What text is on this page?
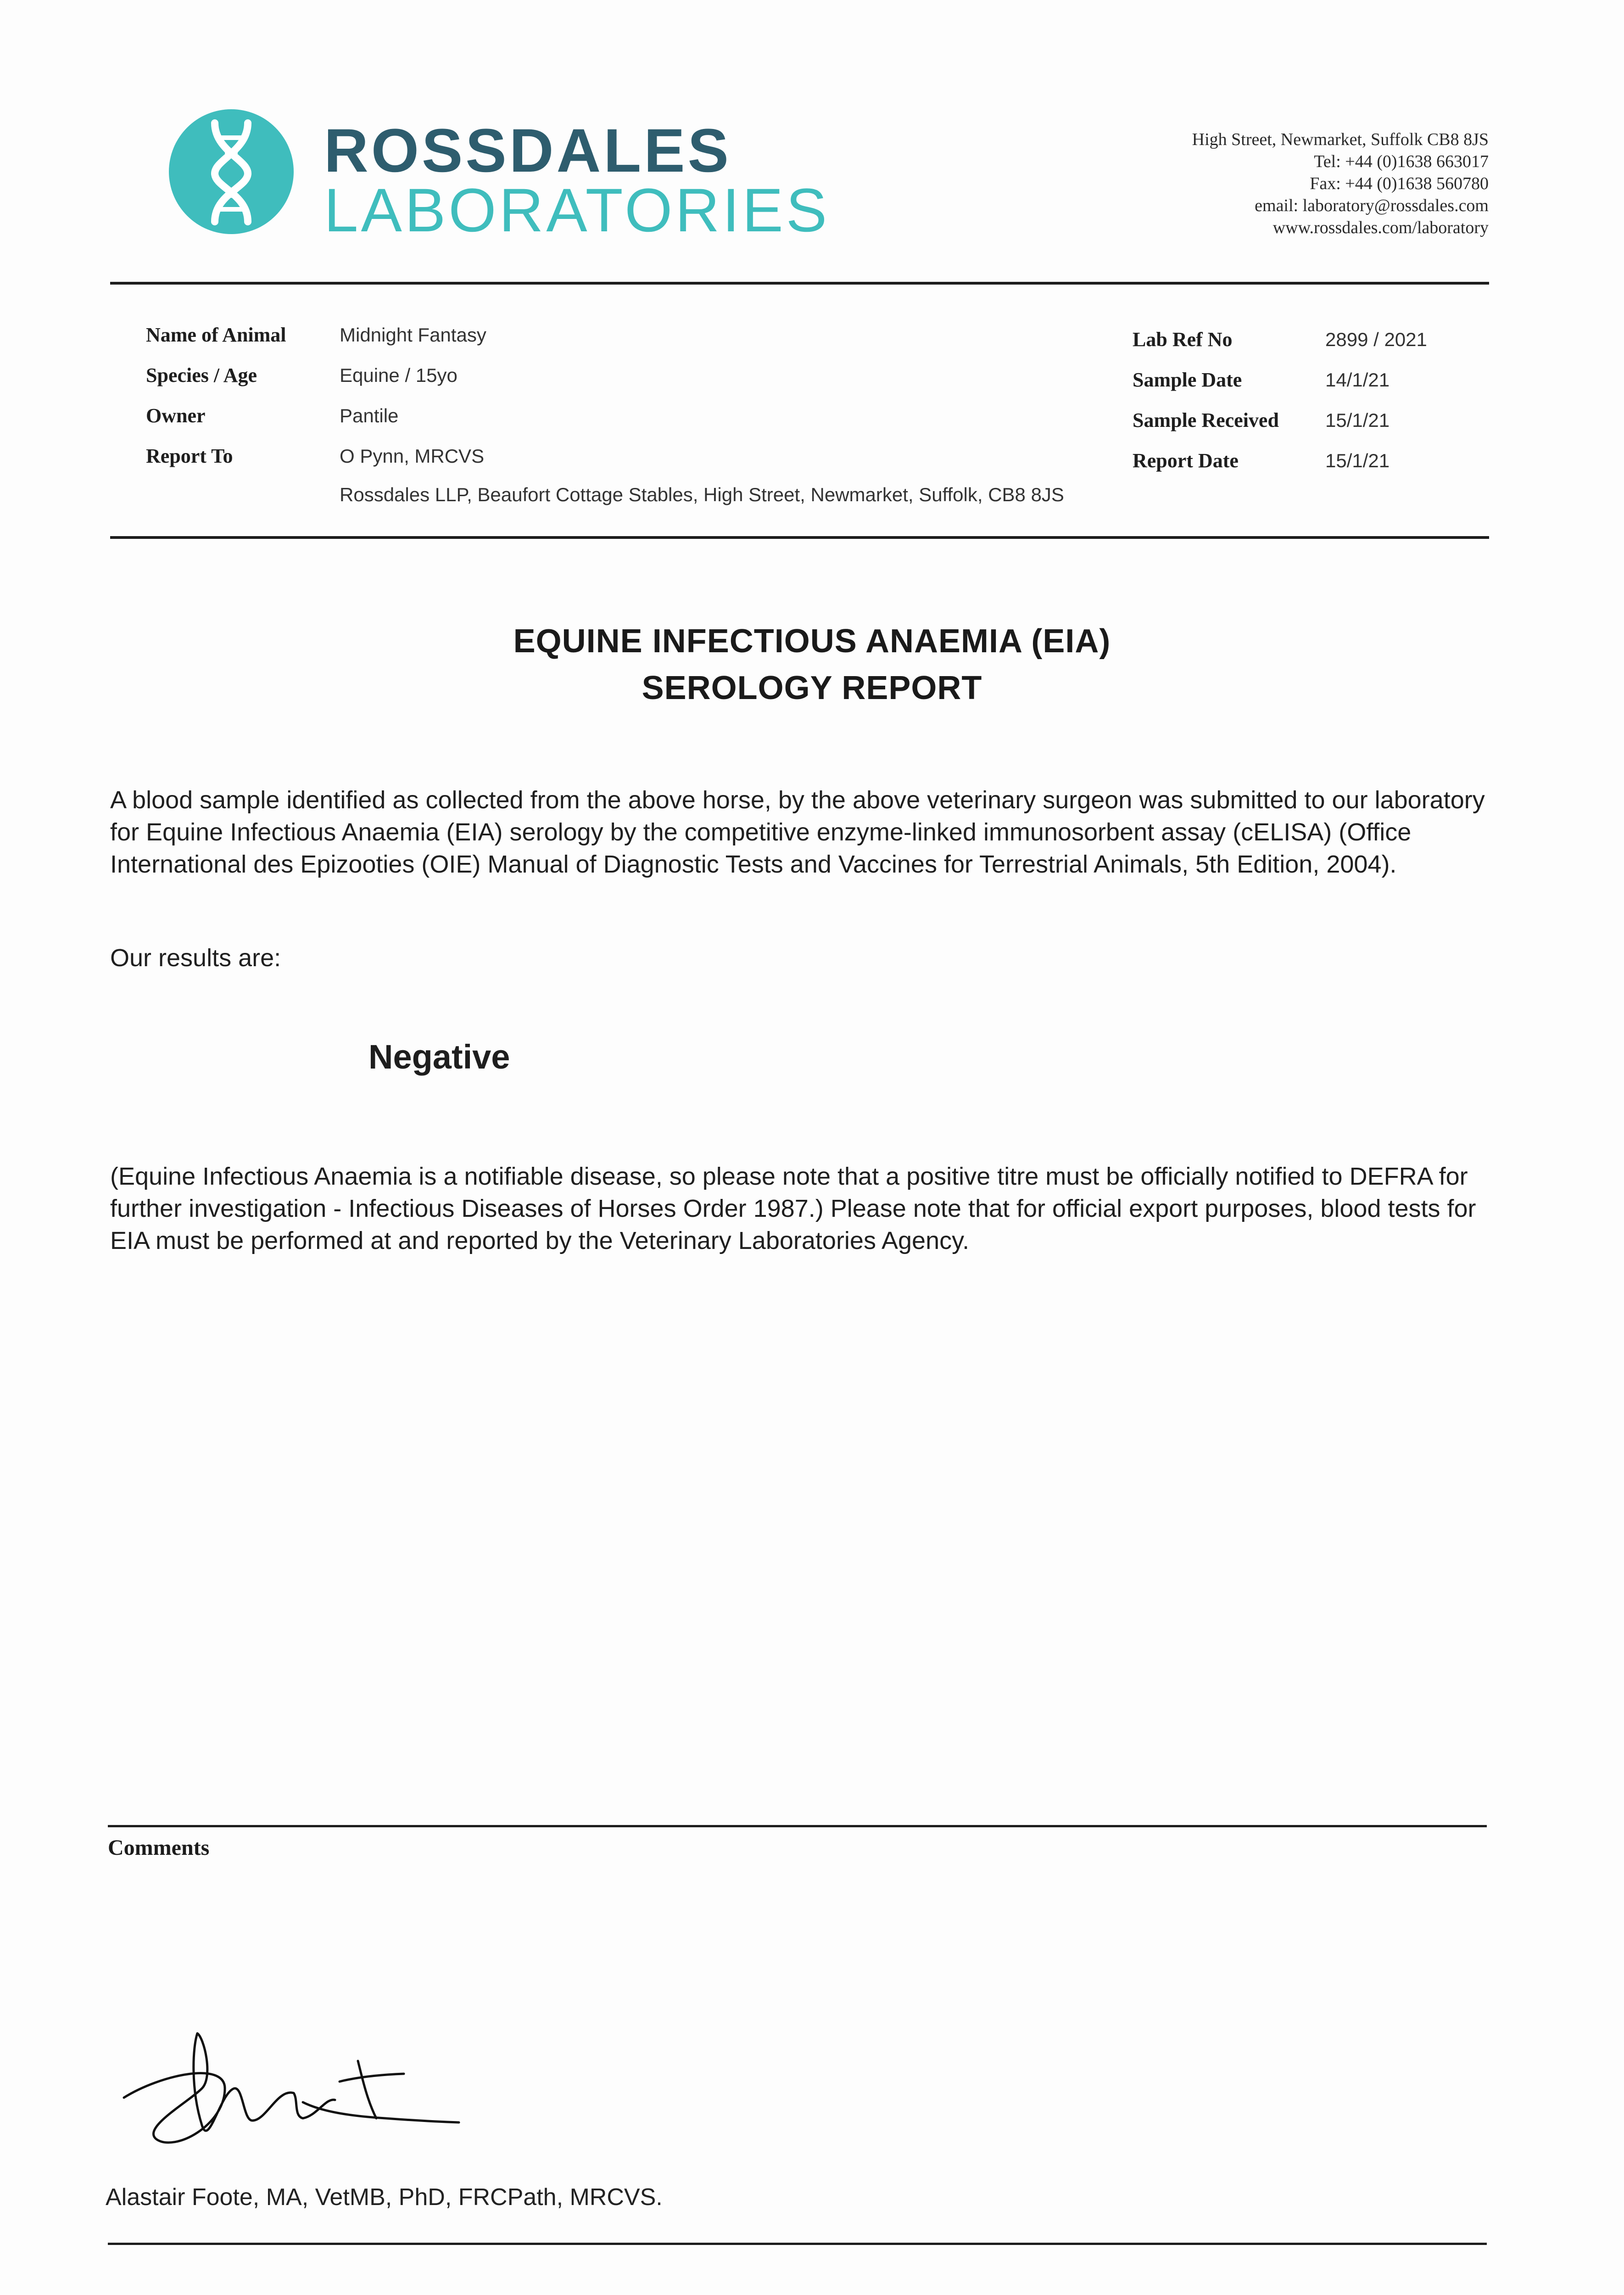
ROSSDALES
LABORATORIES
High Street, Newmarket, Suffolk CB8 8JS
Tel: +44 (0)1638 663017
Fax: +44 (0)1638 560780
email: laboratory@rossdales.com
www.rossdales.com/laboratory
Name of Animal	Midnight Fantasy
Species / Age	Equine / 15yo
Owner	Pantile
Report To	O Pynn, MRCVS
Rossdales LLP, Beaufort Cottage Stables, High Street, Newmarket, Suffolk, CB8 8JS
Lab Ref No	2899 / 2021
Sample Date	14/1/21
Sample Received 15/1/21
Report Date	15/1/21
EQUINE INFECTIOUS ANAEMIA (EIA)
SEROLOGY REPORT
A blood sample identified as collected from the above horse, by the above veterinary surgeon was submitted to our laboratory for Equine Infectious Anaemia (EIA) serology by the competitive enzyme-linked immunosorbent assay (cELISA) (Office International des Epizooties (OIE) Manual of Diagnostic Tests and Vaccines for Terrestrial Animals, 5th Edition, 2004).
Our results are:
Negative
(Equine Infectious Anaemia is a notifiable disease, so please note that a positive titre must be officially notified to DEFRA for further investigation - Infectious Diseases of Horses Order 1987.) Please note that for official export purposes, blood tests for EIA must be performed at and reported by the Veterinary Laboratories Agency.
Comments
Alastair Foote, MA, VetMB, PhD, FRCPath, MRCVS.
